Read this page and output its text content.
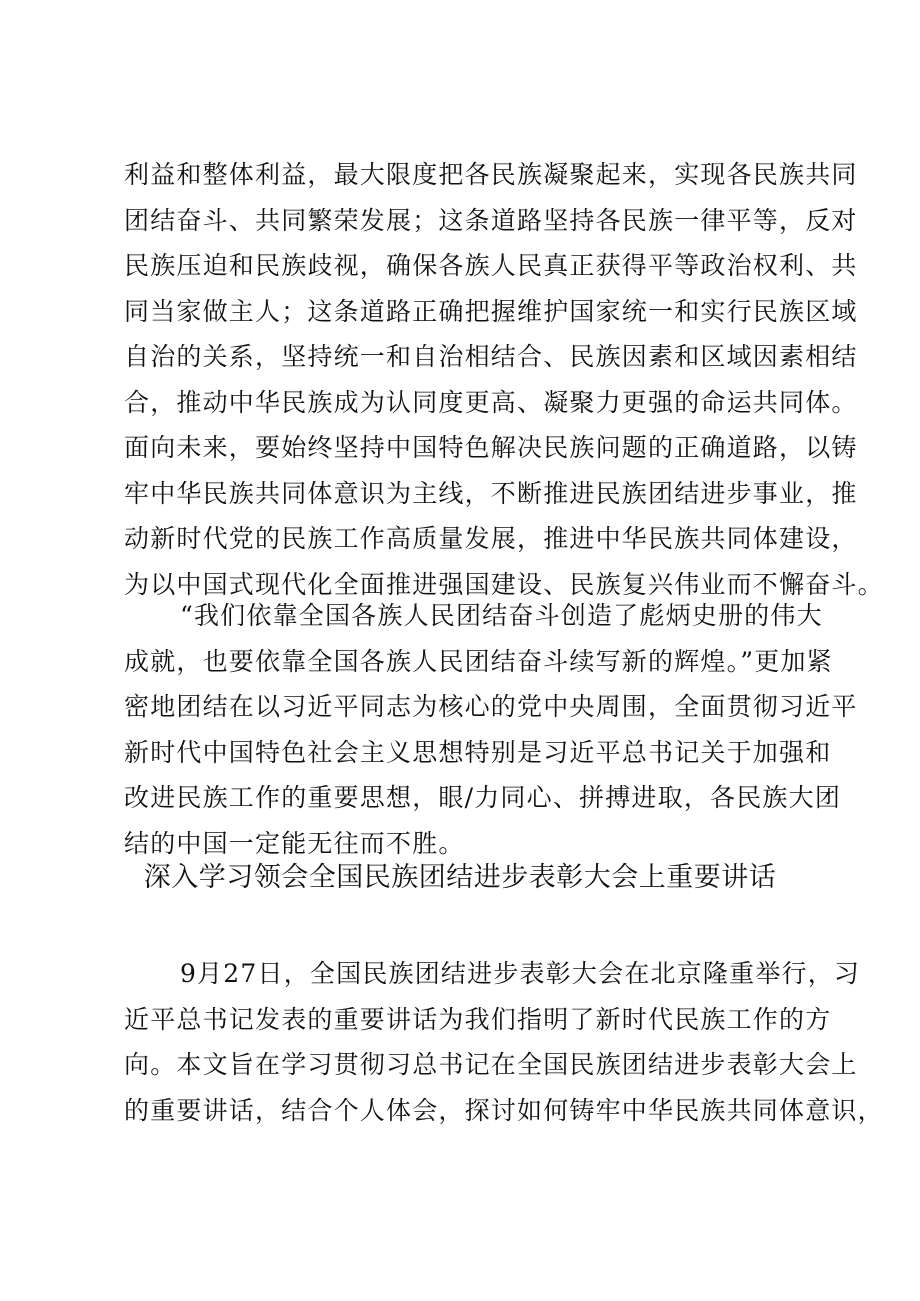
利益和整体利益，最大限度把各民族凝聚起来，实现各民族共同
团结奋斗、共同繁荣发展；这条道路坚持各民族一律平等，反对
民族压迫和民族歧视，确保各族人民真正获得平等政治权利、共
同当家做主人；这条道路正确把握维护国家统一和实行民族区域
自治的关系，坚持统一和自治相结合、民族因素和区域因素相结
合，推动中华民族成为认同度更高、凝聚力更强的命运共同体。
面向未来，要始终坚持中国特色解决民族问题的正确道路，以铸
牢中华民族共同体意识为主线，不断推进民族团结进步事业，推
动新时代党的民族工作高质量发展，推进中华民族共同体建设，
为以中国式现代化全面推进强国建设、民族复兴伟业而不懈奋斗。
“我们依靠全国各族人民团结奋斗创造了彪炳史册的伟大
成就，也要依靠全国各族人民团结奋斗续写新的辉煌。”更加紧
密地团结在以习近平同志为核心的党中央周围，全面贯彻习近平
新时代中国特色社会主义思想特别是习近平总书记关于加强和
改进民族工作的重要思想，眼/力同心、拼搏进取，各民族大团
结的中国一定能无往而不胜。
深入学习领会全国民族团结进步表彰大会上重要讲话
9月27日，全国民族团结进步表彰大会在北京隆重举行，习
近平总书记发表的重要讲话为我们指明了新时代民族工作的方
向。本文旨在学习贯彻习总书记在全国民族团结进步表彰大会上
的重要讲话，结合个人体会，探讨如何铸牢中华民族共同体意识，
